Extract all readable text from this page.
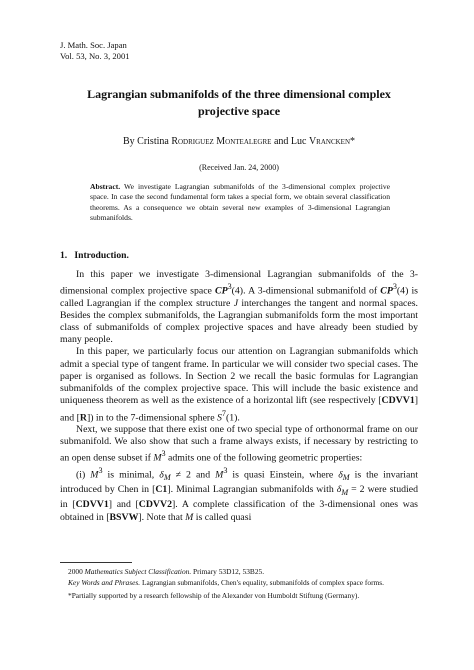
J. Math. Soc. Japan
Vol. 53, No. 3, 2001
Lagrangian submanifolds of the three dimensional complex
projective space
By Cristina Rodriguez Montealegre and Luc Vrancken*
(Received Jan. 24, 2000)
Abstract. We investigate Lagrangian submanifolds of the 3-dimensional complex projective space. In case the second fundamental form takes a special form, we obtain several classification theorems. As a consequence we obtain several new examples of 3-dimensional Lagrangian submanifolds.
1. Introduction.

In this paper we investigate 3-dimensional Lagrangian submanifolds of the 3-dimensional complex projective space $CP^3(4)$. A 3-dimensional submanifold of $CP^3(4)$ is called Lagrangian if the complex structure J interchanges the tangent and normal spaces. Besides the complex submanifolds, the Lagrangian submanifolds form the most important class of submanifolds of complex projective spaces and have already been studied by many people.

In this paper, we particularly focus our attention on Lagrangian submanifolds which admit a special type of tangent frame. In particular we will consider two special cases. The paper is organised as follows. In Section 2 we recall the basic formulas for Lagrangian submanifolds of the complex projective space. This will include the basic existence and uniqueness theorem as well as the existence of a horizontal lift (see respectively [CDVV1] and [R]) in to the 7-dimensional sphere $S^7(1)$.

Next, we suppose that there exist one of two special type of orthonormal frame on our submanifold. We also show that such a frame always exists, if necessary by restricting to an open dense subset if $M^3$ admits one of the following geometric properties:

(i) $M^3$ is minimal, $\delta_M \ne 2$ and $M^3$ is quasi Einstein, where $\delta_M$ is the invariant introduced by Chen in [C1]. Minimal Lagrangian submanifolds with $\delta_M = 2$ were studied in [CDVV1] and [CDVV2]. A complete classification of the 3-dimensional ones was obtained in [BSVW]. Note that M is called quasi

2000 Mathematics Subject Classification. Primary 53D12, 53B25.

Key Words and Phrases. Lagrangian submanifolds, Chen's equality, submanifolds of complex space forms.

*Partially supported by a research fellowship of the Alexander von Humboldt Stiftung (Germany).
